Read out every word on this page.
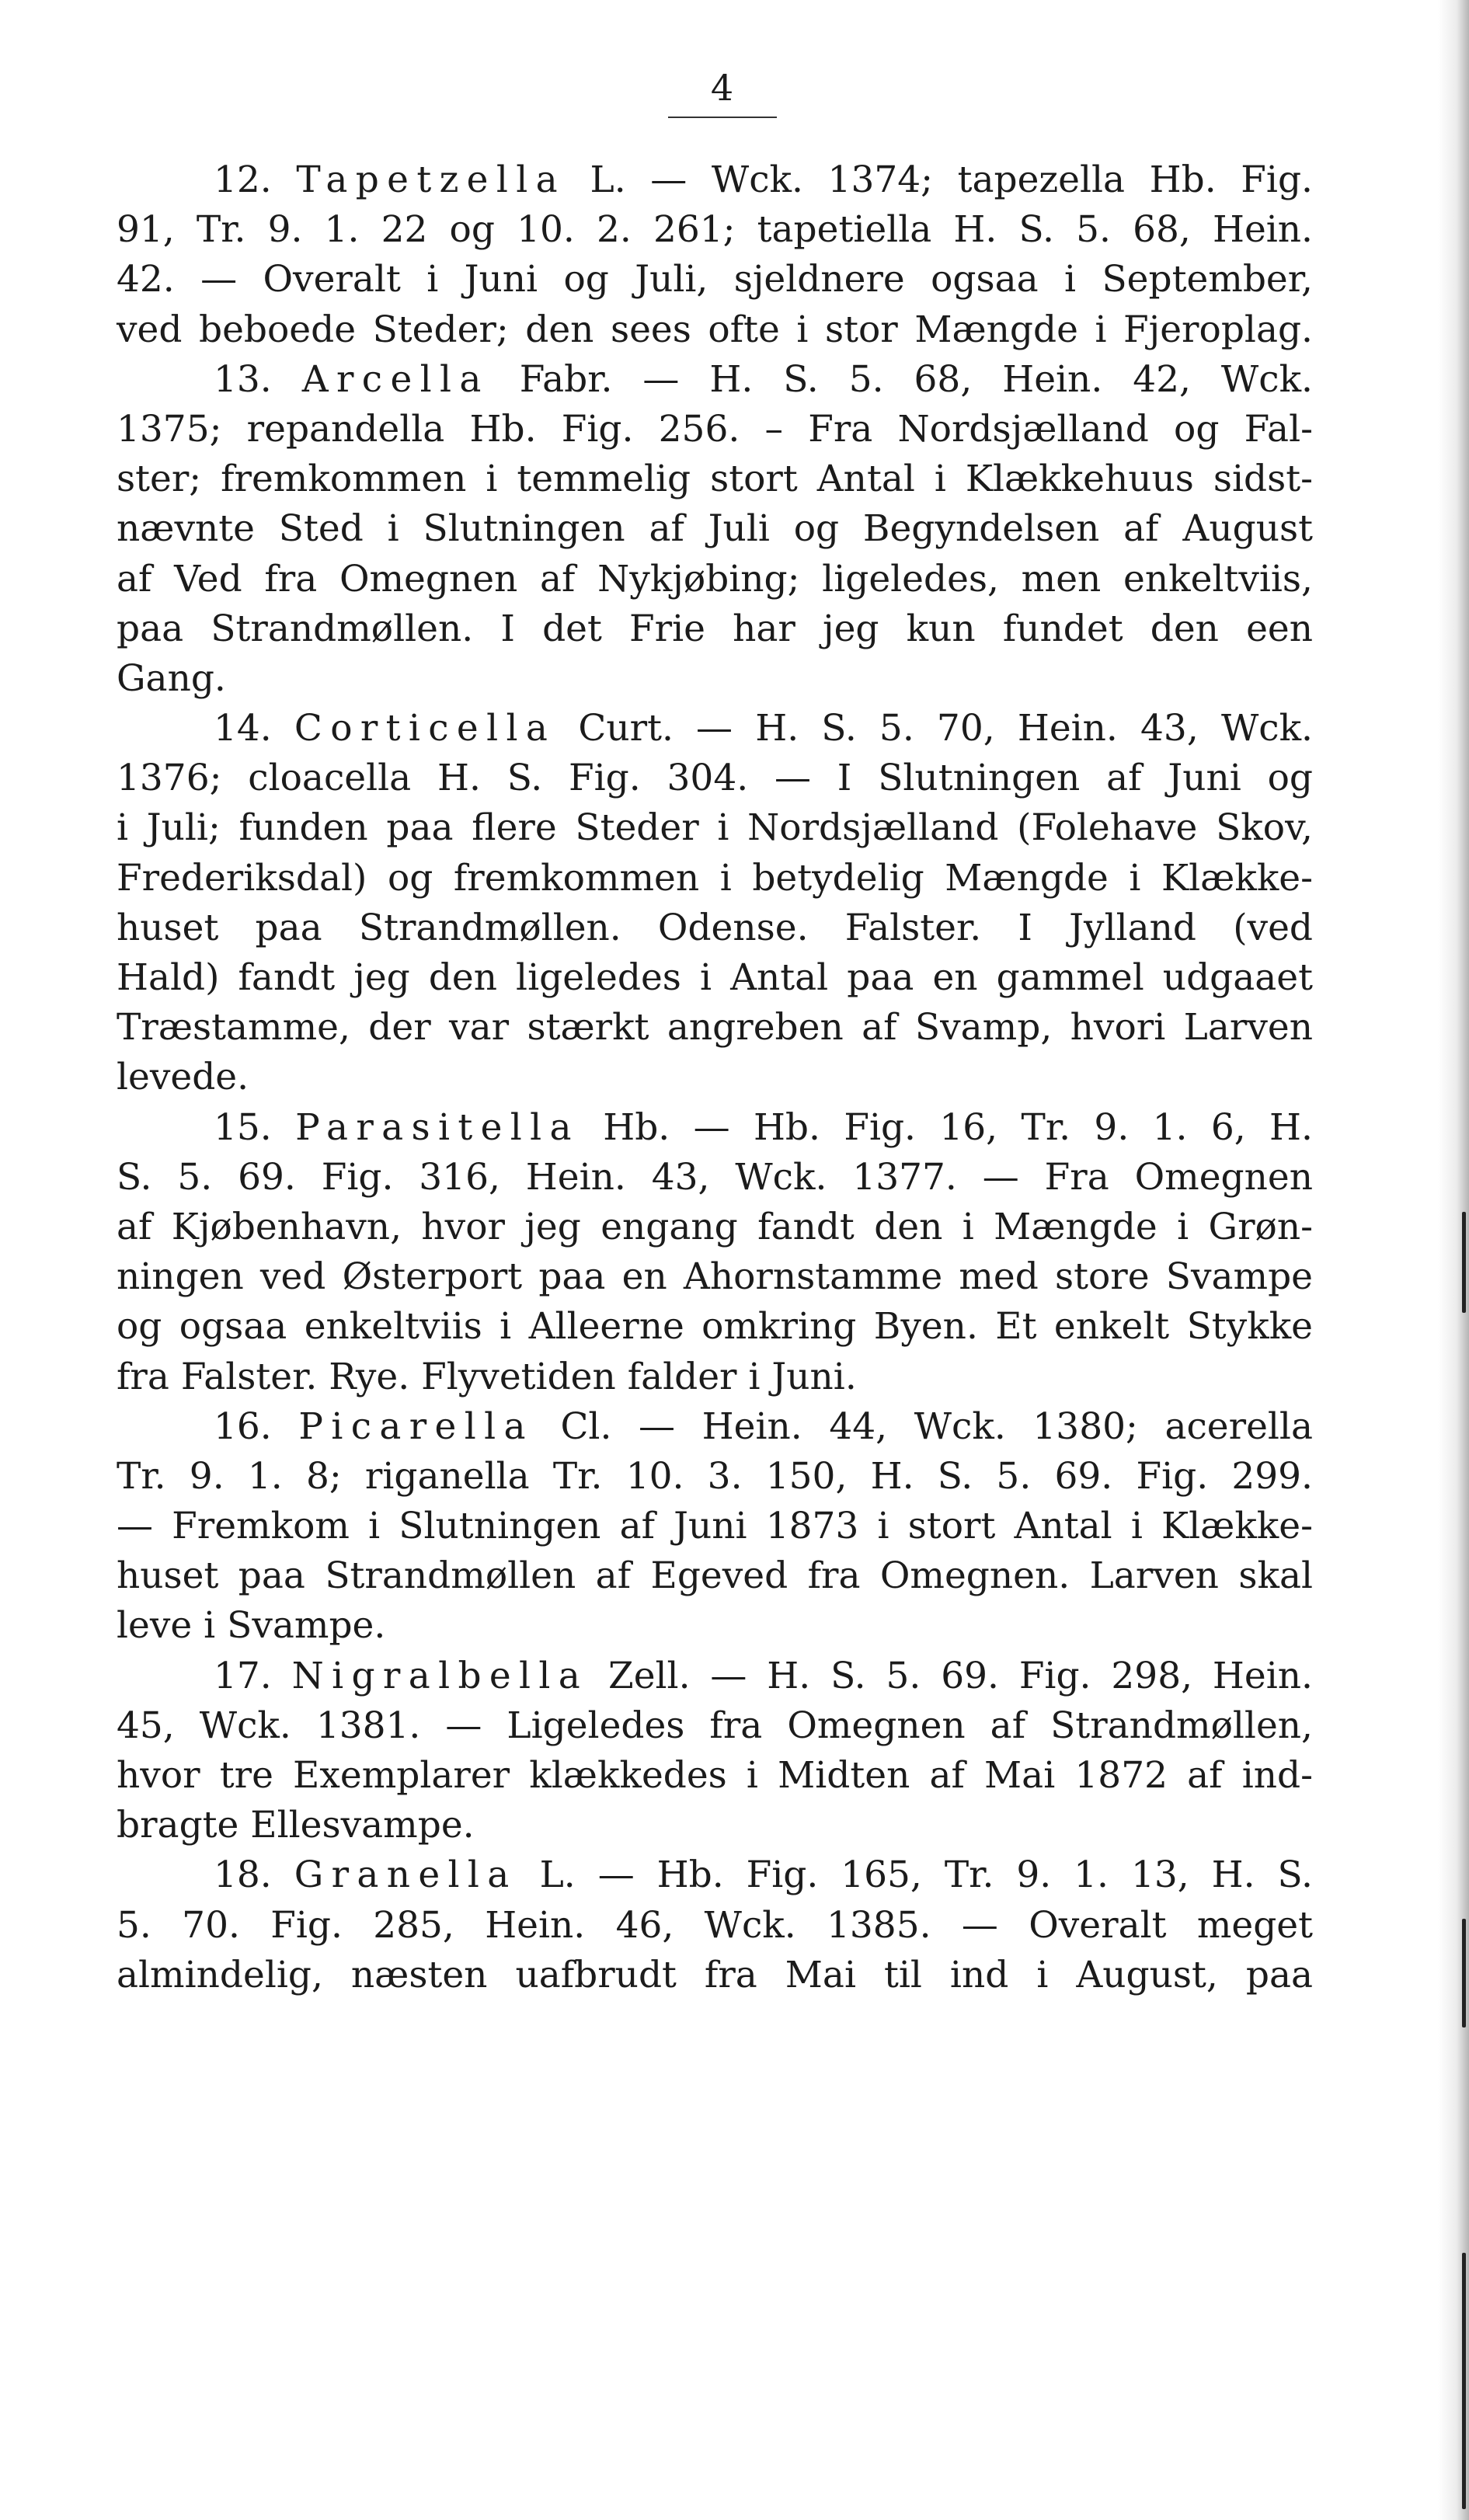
4
12. Tapetzella L. — Wck. 1374; tapezella Hb. Fig.
91, Tr. 9. 1. 22 og 10. 2. 261; tapetiella H. S. 5. 68, Hein.
42. — Overalt i Juni og Juli, sjeldnere ogsaa i September,
ved beboede Steder; den sees ofte i stor Mængde i Fjeroplag.
13. Arcella Fabr. — H. S. 5. 68, Hein. 42, Wck.
1375; repandella Hb. Fig. 256. – Fra Nordsjælland og Fal-
ster; fremkommen i temmelig stort Antal i Klækkehuus sidst-
nævnte Sted i Slutningen af Juli og Begyndelsen af August
af Ved fra Omegnen af Nykjøbing; ligeledes, men enkeltviis,
paa Strandmøllen. I det Frie har jeg kun fundet den een
Gang.
14. Corticella Curt. — H. S. 5. 70, Hein. 43, Wck.
1376; cloacella H. S. Fig. 304. — I Slutningen af Juni og
i Juli; funden paa flere Steder i Nordsjælland (Folehave Skov,
Frederiksdal) og fremkommen i betydelig Mængde i Klække-
huset paa Strandmøllen. Odense. Falster. I Jylland (ved
Hald) fandt jeg den ligeledes i Antal paa en gammel udgaaet
Træstamme, der var stærkt angreben af Svamp, hvori Larven
levede.
15. Parasitella Hb. — Hb. Fig. 16, Tr. 9. 1. 6, H.
S. 5. 69. Fig. 316, Hein. 43, Wck. 1377. — Fra Omegnen
af Kjøbenhavn, hvor jeg engang fandt den i Mængde i Grøn-
ningen ved Østerport paa en Ahornstamme med store Svampe
og ogsaa enkeltviis i Alleerne omkring Byen. Et enkelt Stykke
fra Falster. Rye. Flyvetiden falder i Juni.
16. Picarella Cl. — Hein. 44, Wck. 1380; acerella
Tr. 9. 1. 8; riganella Tr. 10. 3. 150, H. S. 5. 69. Fig. 299.
— Fremkom i Slutningen af Juni 1873 i stort Antal i Klække-
huset paa Strandmøllen af Egeved fra Omegnen. Larven skal
leve i Svampe.
17. Nigralbella Zell. — H. S. 5. 69. Fig. 298, Hein.
45, Wck. 1381. — Ligeledes fra Omegnen af Strandmøllen,
hvor tre Exemplarer klækkedes i Midten af Mai 1872 af ind-
bragte Ellesvampe.
18. Granella L. — Hb. Fig. 165, Tr. 9. 1. 13, H. S.
5. 70. Fig. 285, Hein. 46, Wck. 1385. — Overalt meget
almindelig, næsten uafbrudt fra Mai til ind i August, paa
